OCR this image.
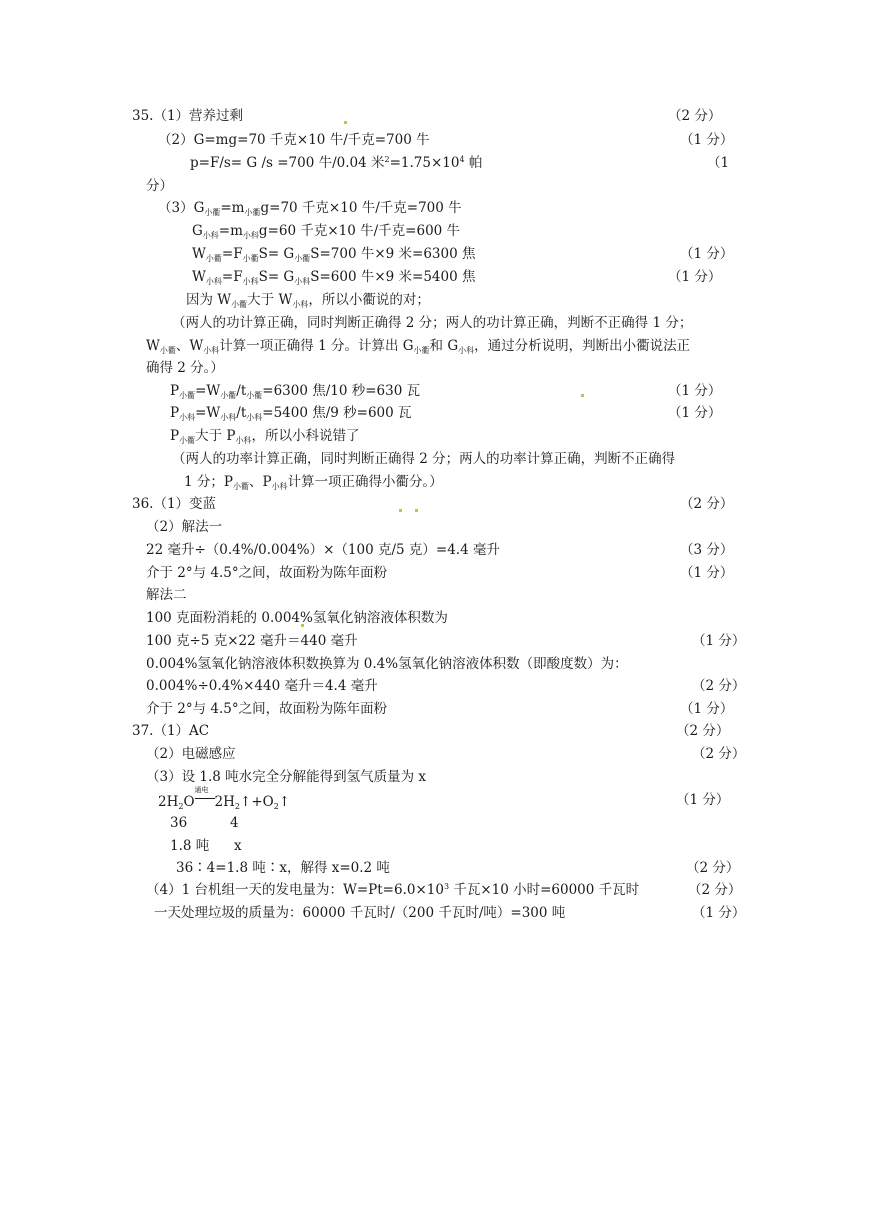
35.（1）营养过剩	（2 分）
（2）G=mg=70 千克×10 牛/千克=700 牛	（1 分）
p=F/s= G /s =700 牛/0.04 米$^2=1.75\times 10^4$ 帕	（1
分）
$(3)G_{小衢}=m_{小衢}g=70$ 千克×10 牛/千克=700 牛
$G_{小科}=m_{小科}g=60$ 千克×10 牛/千克=600 牛
$W_{小衢}=F_{小衢}S= G_{小衢}S=700$ 牛×9 米=6300 焦	（1 分）
$W_{小科}=F_{小科}S= G_{小科}S=600$ 牛×9 米=5400 焦	（1 分）
因为 $W_{小衢}$大于 $W_{小科}$，所以小衢说的对；
（两人的功计算正确，同时判断正确得 2 分；两人的功计算正确，判断不正确得 1 分；
$W_{小衢}$、$W_{小科}$计算一项正确得 1 分。计算出 $G_{小衢}$和 $G_{小科}$，通过分析说明，判断出小衢说法正
确得 2 分。）
$P_{小衢}=W_{小衢}/t_{小衢}=6300$ 焦/10 秒=630 瓦	（1 分）
$P_{小科}=W_{小科}/t_{小科}=5400$ 焦/9 秒=600 瓦	（1 分）
$P_{小衢}$大于 $P_{小科}$，所以小科说错了
（两人的功率计算正确，同时判断正确得 2 分；两人的功率计算正确，判断不正确得
1 分；$P_{小衢}$、$P_{小科}$计算一项正确得小衢分。）
36.（1）变蓝	（2 分）
（2）解法一
22 毫升÷（0.4%/0.004%）×（100 克/5 克）=4.4 毫升	（3 分）
介于 2°与 4.5°之间，故面粉为陈年面粉	（1 分）
解法二
100 克面粉消耗的 0.004%氢氧化钠溶液体积数为
100 克÷5 克×22 毫升＝440 毫升	（1 分）
0.004%氢氧化钠溶液体积数换算为 0.4%氢氧化钠溶液体积数（即酸度数）为：
0.004%÷0.4%×440 毫升＝4.4 毫升	（2 分）
介于 2°与 4.5°之间，故面粉为陈年面粉	（1 分）
37.（1）AC	（2 分）
（2）电磁感应	（2 分）
（3）设 1.8 吨水完全分解能得到氢气质量为 x
$2H_2O$
通电
$2H_2↑+O_2↑$	（1 分）
36	4
1.8 吨 x
36∶4=1.8 吨∶x，解得 x=0.2 吨	（2 分）
（4）1 台机组一天的发电量为：$W=Pt=6.0\times 10^3$ 千瓦×10 小时=60000 千瓦时	（2 分）
一天处理垃圾的质量为：60000 千瓦时/（200 千瓦时/吨）=300 吨	（1 分）
